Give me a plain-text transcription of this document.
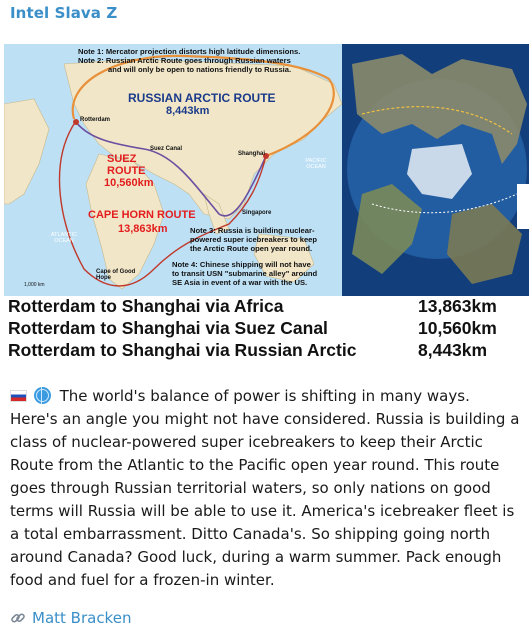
Intel Slava Z
Note 1: Mercator projection distorts high latitude dimensions.
Note 2: Russian Arctic Route goes through Russian waters
and will only be open to nations friendly to Russia.
RUSSIAN ARCTIC ROUTE
8,443km
SUEZ
ROUTE
10,560km
CAPE HORN ROUTE
13,863km	Note 3: Russia is building nuclear-
powered super icebreakers to keep
the Arctic Route open year round.
Note 4: Chinese shipping will not have
to transit USN "submarine alley" around
SE Asia in event of a war with the US.
Rotterdam
Suez Canal
Shanghai
Singapore
Cape of Good Hope
PACIFIC OCEAN
ATLANTIC OCEAN
1,000 km
Rotterdam to Shanghai via Africa	13,863km
Rotterdam to Shanghai via Suez Canal	10,560km
Rotterdam to Shanghai via Russian Arctic	8,443km
The world's balance of power is shifting in many ways. Here's an angle you might not have considered. Russia is building a class of nuclear-powered super icebreakers to keep their Arctic Route from the Atlantic to the Pacific open year round. This route goes through Russian territorial waters, so only nations on good terms will Russia will be able to use it. America's icebreaker fleet is a total embarrassment. Ditto Canada's. So shipping going north around Canada? Good luck, during a warm summer. Pack enough food and fuel for a frozen-in winter.
Matt Bracken
